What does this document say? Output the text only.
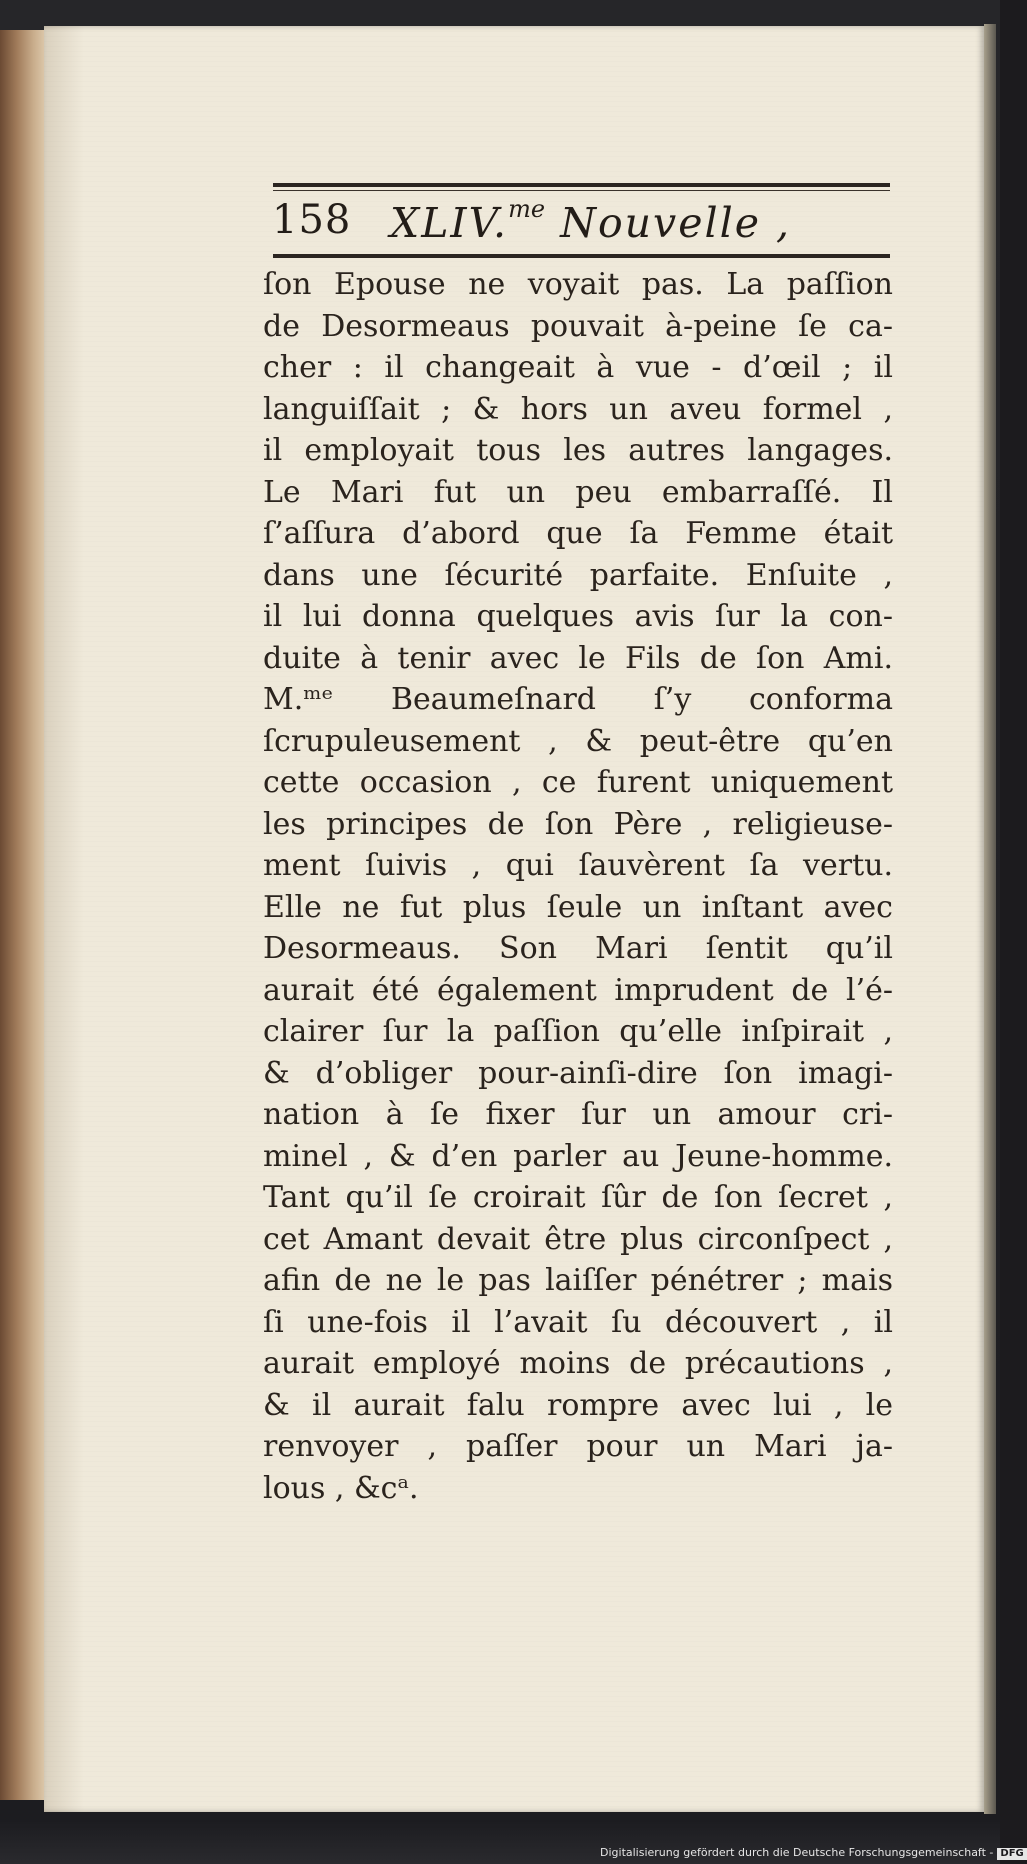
158 XLIV.$^{me}$ Nouvelle ,
ſon Epouse ne voyait pas. La paſſion
de Desormeaus pouvait à-peine ſe ca-
cher : il changeait à vue - d’œil ; il
languiſſait ; & hors un aveu formel ,
il employait tous les autres langages.
Le Mari fut un peu embarraſſé. Il
ſ’aſſura d’abord que ſa Femme était
dans une ſécurité parfaite. Enſuite ,
il lui donna quelques avis ſur la con-
duite à tenir avec le Fils de ſon Ami.
M.ᵐᵉ Beaumeſnard ſ’y conforma
ſcrupuleusement , & peut-être qu’en
cette occasion , ce furent uniquement
les principes de ſon Père , religieuse-
ment ſuivis , qui ſauvèrent ſa vertu.
Elle ne fut plus ſeule un inſtant avec
Desormeaus. Son Mari ſentit qu’il
aurait été également imprudent de l’é-
clairer ſur la paſſion qu’elle inſpirait ,
& d’obliger pour-ainſi-dire ſon imagi-
nation à ſe fixer ſur un amour cri-
minel , & d’en parler au Jeune-homme.
Tant qu’il ſe croirait ſûr de ſon ſecret ,
cet Amant devait être plus circonſpect ,
afin de ne le pas laiſſer pénétrer ; mais
ſi une-fois il l’avait ſu découvert , il
aurait employé moins de précautions ,
& il aurait falu rompre avec lui , le
renvoyer , paſſer pour un Mari ja-
lous , &cᵃ.
Digitalisierung gefördert durch die Deutsche Forschungsgemeinschaft - DFG
